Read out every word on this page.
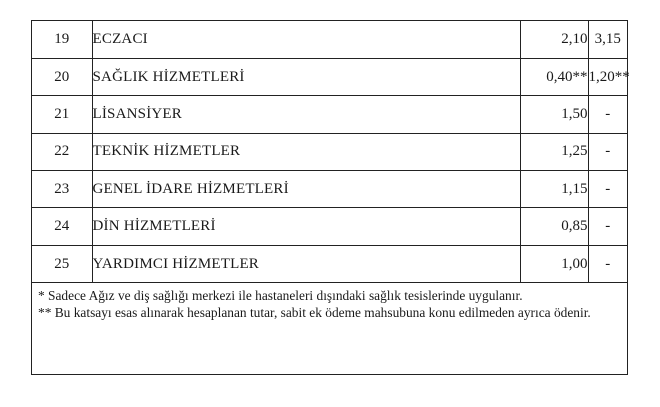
19	ECZACI	2,10	3,15
20	SAĞLIK HİZMETLERİ	0,40**	1,20**
21	LİSANSİYER	1,50	-
22	TEKNİK HİZMETLER	1,25	-
23	GENEL İDARE HİZMETLERİ	1,15	-
24	DİN HİZMETLERİ	0,85	-
25	YARDIMCI HİZMETLER	1,00	-

* Sadece Ağız ve diş sağlığı merkezi ile hastaneleri dışındaki sağlık tesislerinde uygulanır.

** Bu katsayı esas alınarak hesaplanan tutar, sabit ek ödeme mahsubuna konu edilmeden ayrıca ödenir.
